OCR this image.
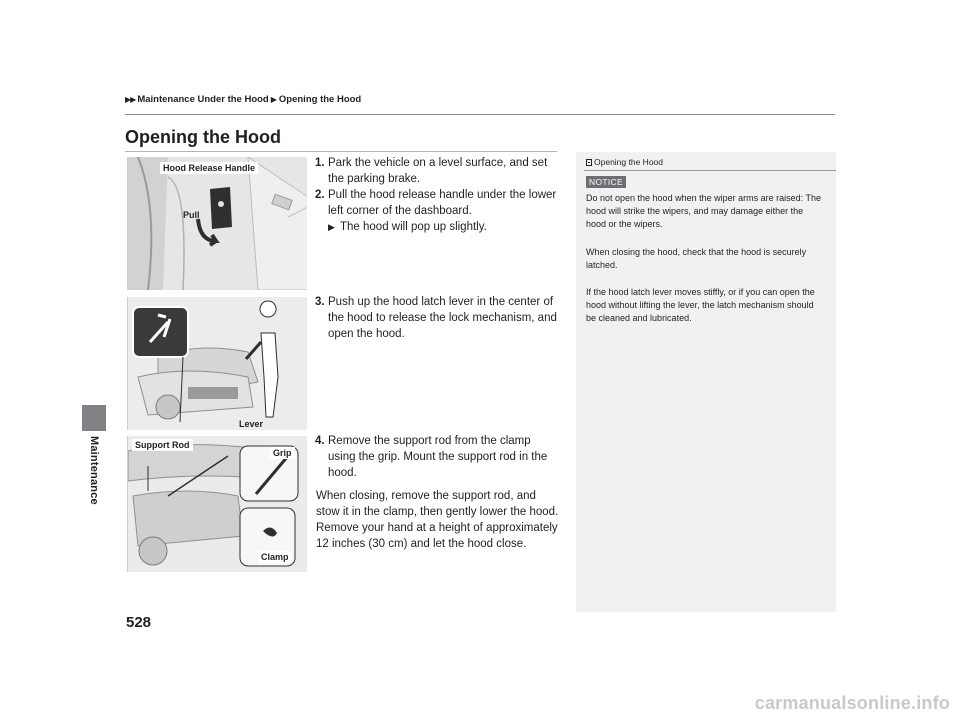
Maintenance
▶ ▶ Maintenance Under the Hood ▶ Opening the Hood
Opening the Hood
Hood Release Handle
Pull
Lever
Support Rod
Grip
Clamp
1. Park the vehicle on a level surface, and set the parking brake.
2. Pull the hood release handle under the lower left corner of the dashboard.
▶ The hood will pop up slightly.
3. Push up the hood latch lever in the center of the hood to release the lock mechanism, and open the hood.
4. Remove the support rod from the clamp using the grip. Mount the support rod in the hood.
When closing, remove the support rod, and stow it in the clamp, then gently lower the hood. Remove your hand at a height of approximately 12 inches (30 cm) and let the hood close.
Opening the Hood
NOTICE
Do not open the hood when the wiper arms are raised: The hood will strike the wipers, and may damage either the hood or the wipers.
When closing the hood, check that the hood is securely latched.
If the hood latch lever moves stiffly, or if you can open the hood without lifting the lever, the latch mechanism should be cleaned and lubricated.
528
carmanualsonline.info
